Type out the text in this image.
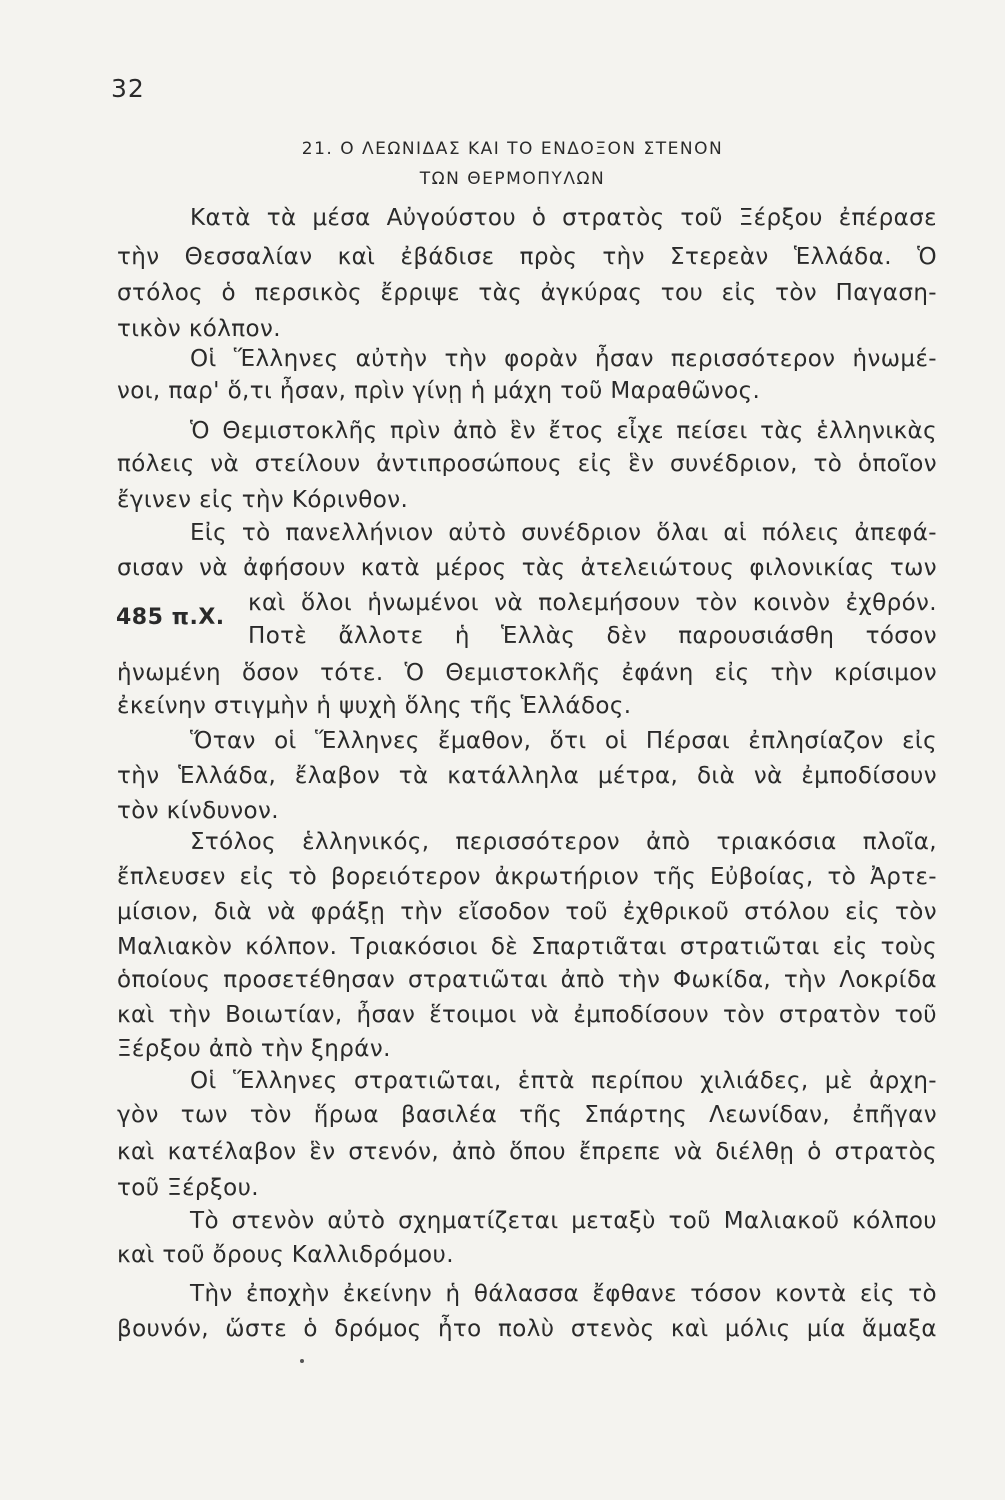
32
21. Ο ΛΕΩΝΙΔΑΣ ΚΑΙ ΤΟ ΕΝΔΟΞΟΝ ΣΤΕΝΟΝ
ΤΩΝ ΘΕΡΜΟΠΥΛΩΝ
485 π.Χ.
Κατὰ τὰ μέσα Αὐγούστου ὁ στρατὸς τοῦ Ξέρξου ἐπέρασε
τὴν Θεσσαλίαν καὶ ἐβάδισε πρὸς τὴν Στερεὰν Ἑλλάδα. Ὁ
στόλος ὁ περσικὸς ἔρριψε τὰς ἀγκύρας του εἰς τὸν Παγαση-
τικὸν κόλπον.
Οἱ Ἕλληνες αὐτὴν τὴν φορὰν ἦσαν περισσότερον ἡνωμέ-
νοι, παρ' ὅ,τι ἦσαν, πρὶν γίνῃ ἡ μάχη τοῦ Μαραθῶνος.
Ὁ Θεμιστοκλῆς πρὶν ἀπὸ ἓν ἔτος εἶχε πείσει τὰς ἑλληνικὰς
πόλεις νὰ στείλουν ἀντιπροσώπους εἰς ἓν συνέδριον, τὸ ὁποῖον
ἔγινεν εἰς τὴν Κόρινθον.
Εἰς τὸ πανελλήνιον αὐτὸ συνέδριον ὅλαι αἱ πόλεις ἀπεφά-
σισαν νὰ ἀφήσουν κατὰ μέρος τὰς ἀτελειώτους φιλονικίας των
καὶ ὅλοι ἡνωμένοι νὰ πολεμήσουν τὸν κοινὸν ἐχθρόν.
Ποτὲ ἄλλοτε ἡ Ἑλλὰς δὲν παρουσιάσθη τόσον
ἡνωμένη ὅσον τότε. Ὁ Θεμιστοκλῆς ἐφάνη εἰς τὴν κρίσιμον
ἐκείνην στιγμὴν ἡ ψυχὴ ὅλης τῆς Ἑλλάδος.
Ὅταν οἱ Ἕλληνες ἔμαθον, ὅτι οἱ Πέρσαι ἐπλησίαζον εἰς
τὴν Ἑλλάδα, ἔλαβον τὰ κατάλληλα μέτρα, διὰ νὰ ἐμποδίσουν
τὸν κίνδυνον.
Στόλος ἑλληνικός, περισσότερον ἀπὸ τριακόσια πλοῖα,
ἔπλευσεν εἰς τὸ βορειότερον ἀκρωτήριον τῆς Εὐβοίας, τὸ Ἀρτε-
μίσιον, διὰ νὰ φράξῃ τὴν εἴσοδον τοῦ ἐχθρικοῦ στόλου εἰς τὸν
Μαλιακὸν κόλπον. Τριακόσιοι δὲ Σπαρτιᾶται στρατιῶται εἰς τοὺς
ὁποίους προσετέθησαν στρατιῶται ἀπὸ τὴν Φωκίδα, τὴν Λοκρίδα
καὶ τὴν Βοιωτίαν, ἦσαν ἕτοιμοι νὰ ἐμποδίσουν τὸν στρατὸν τοῦ
Ξέρξου ἀπὸ τὴν ξηράν.
Οἱ Ἕλληνες στρατιῶται, ἑπτὰ περίπου χιλιάδες, μὲ ἀρχη-
γὸν των τὸν ἥρωα βασιλέα τῆς Σπάρτης Λεωνίδαν, ἐπῆγαν
καὶ κατέλαβον ἓν στενόν, ἀπὸ ὅπου ἔπρεπε νὰ διέλθῃ ὁ στρατὸς
τοῦ Ξέρξου.
Τὸ στενὸν αὐτὸ σχηματίζεται μεταξὺ τοῦ Μαλιακοῦ κόλπου
καὶ τοῦ ὄρους Καλλιδρόμου.
Τὴν ἐποχὴν ἐκείνην ἡ θάλασσα ἔφθανε τόσον κοντὰ εἰς τὸ
βουνόν, ὥστε ὁ δρόμος ἦτο πολὺ στενὸς καὶ μόλις μία ἅμαξα
